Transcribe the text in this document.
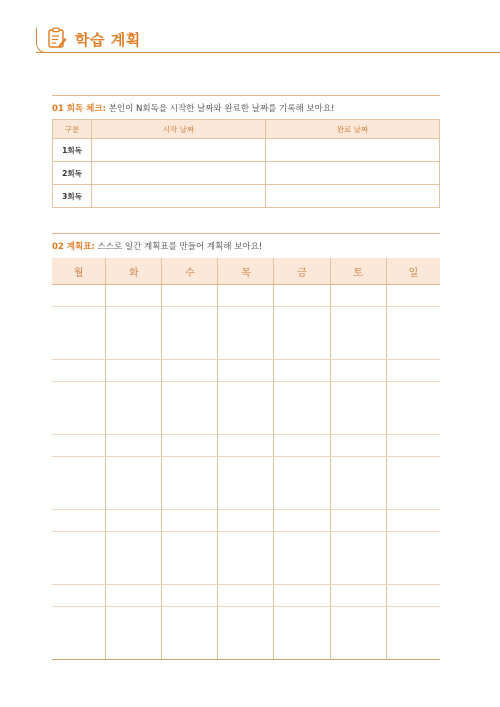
학습 계획
01 회독 체크: 본인이 N회독을 시작한 날짜와 완료한 날짜를 기록해 보아요!
구분	시작 날짜	완료 날짜
1회독		
2회독		
3회독		
02 계획표: 스스로 일간 계획표를 만들어 계획해 보아요!
월	화	수	목	금	토	일
